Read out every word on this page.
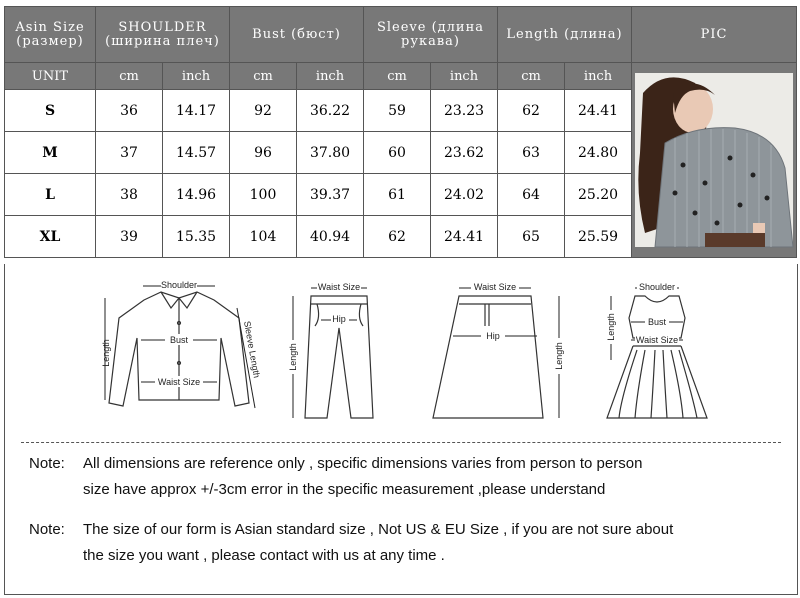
Asin Size (размер)	SHOULDER (ширина плеч)		Bust (бюст)		Sleeve (длина рукава)		Length (длина)		PIC
UNIT	cm	inch	cm	inch	cm	inch	cm	inch	

S	36	14.17	92	36.22	59	23.23	62	24.41	
M	37	14.57	96	37.80	60	23.62	63	24.80	
L	38	14.96	100	39.37	61	24.02	64	25.20	
XL	39	15.35	104	40.94	62	24.41	65	25.59	
Shoulder
Bust
Waist Size
Length	Sleeve Length
Waist Size
Hip
Length
Waist Size
Hip
Length
Shoulder
Bust
Waist Size
Length
Note: All dimensions are reference only , specific dimensions varies from person to person
size have approx +/-3cm error in the specific measurement ,please understand
Note: The size of our form is Asian standard size , Not US & EU Size , if you are not sure about
the size you want , please contact with us at any time .
